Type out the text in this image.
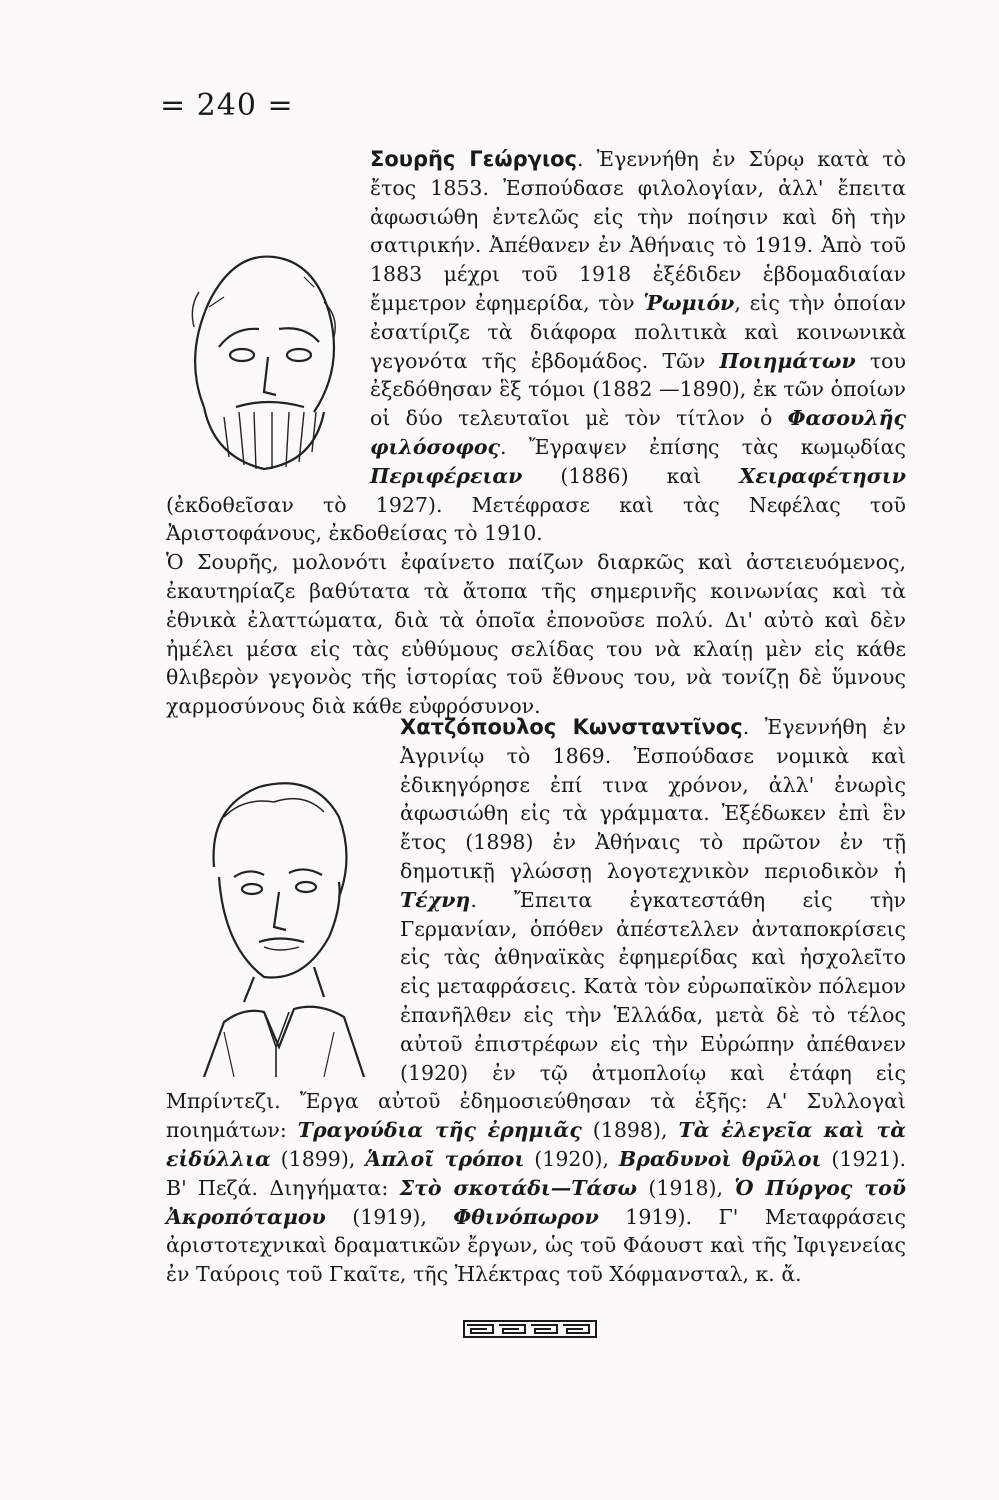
= 240 =

Σουρῆς Γεώργιος. Ἐγεννήθη ἐν Σύρῳ κατὰ τὸ ἔτος 1853. Ἐσπούδασε φιλολογίαν, ἀλλ' ἔπειτα ἀφωσιώθη ἐντελῶς εἰς τὴν ποίησιν καὶ δὴ τὴν σατιρικήν. Ἀπέθανεν ἐν Ἀθήναις τὸ 1919. Ἀπὸ τοῦ 1883 μέχρι τοῦ 1918 ἐξέδιδεν ἑβδομαδιαίαν ἔμμετρον ἐφημερίδα, τὸν Ῥωμιόν, εἰς τὴν ὁποίαν ἐσατίριζε τὰ διάφορα πολιτικὰ καὶ κοινωνικὰ γεγονότα τῆς ἑβδομάδος. Τῶν Ποιημάτων του ἐξεδόθησαν ἓξ τόμοι (1882 —1890), ἐκ τῶν ὁποίων οἱ δύο τελευταῖοι μὲ τὸν τίτλον ὁ Φασουλῆς φιλόσοφος. Ἔγραψεν ἐπίσης τὰς κωμῳδίας Περιφέρειαν (1886) καὶ Χειραφέτησιν (ἐκδοθεῖσαν τὸ 1927). Μετέφρασε καὶ τὰς Νεφέλας τοῦ Ἀριστοφάνους, ἐκδοθείσας τὸ 1910.

Ὁ Σουρῆς, μολονότι ἐφαίνετο παίζων διαρκῶς καὶ ἀστειευόμενος, ἐκαυτηρίαζε βαθύτατα τὰ ἄτοπα τῆς σημερινῆς κοινωνίας καὶ τὰ ἐθνικὰ ἐλαττώματα, διὰ τὰ ὁποῖα ἐπονοῦσε πολύ. Δι' αὐτὸ καὶ δὲν ἠμέλει μέσα εἰς τὰς εὐθύμους σελίδας του νὰ κλαίῃ μὲν εἰς κάθε θλιβερὸν γεγονὸς τῆς ἱστορίας τοῦ ἔθνους του, νὰ τονίζῃ δὲ ὕμνους χαρμοσύνους διὰ κάθε εὐφρόσυνον.

Χατζόπουλος Κωνσταντῖνος. Ἐγεννήθη ἐν Ἀγρινίῳ τὸ 1869. Ἐσπούδασε νομικὰ καὶ ἐδικηγόρησε ἐπί τινα χρόνον, ἀλλ' ἐνωρὶς ἀφωσιώθη εἰς τὰ γράμματα. Ἐξέδωκεν ἐπὶ ἓν ἔτος (1898) ἐν Ἀθήναις τὸ πρῶτον ἐν τῇ δημοτικῇ γλώσσῃ λογοτεχνικὸν περιοδικὸν ἡ Τέχνη. Ἔπειτα ἐγκατεστάθη εἰς τὴν Γερμανίαν, ὁπόθεν ἀπέστελλεν ἀνταποκρίσεις εἰς τὰς ἀθηναϊκὰς ἐφημερίδας καὶ ἠσχολεῖτο εἰς μεταφράσεις. Κατὰ τὸν εὐρωπαϊκὸν πόλεμον ἐπανῆλθεν εἰς τὴν Ἑλλάδα, μετὰ δὲ τὸ τέλος αὐτοῦ ἐπιστρέφων εἰς τὴν Εὐρώπην ἀπέθανεν (1920) ἐν τῷ ἀτμοπλοίῳ καὶ ἐτάφη εἰς Μπρίντεζι. Ἔργα αὐτοῦ ἐδημοσιεύθησαν τὰ ἑξῆς: Α' Συλλογαὶ ποιημάτων: Τραγούδια τῆς ἐρημιᾶς (1898), Τὰ ἐλεγεῖα καὶ τὰ εἰδύλλια (1899), Ἁπλοῖ τρόποι (1920), Βραδυνοὶ θρῦλοι (1921). Β' Πεζά. Διηγήματα: Στὸ σκοτάδι—Τάσω (1918), Ὁ Πύργος τοῦ Ἀκροπόταμου (1919), Φθινόπωρον 1919). Γ' Μεταφράσεις ἀριστοτεχνικαὶ δραματικῶν ἔργων, ὡς τοῦ Φάουστ καὶ τῆς Ἰφιγενείας ἐν Ταύροις τοῦ Γκαῖτε, τῆς Ἠλέκτρας τοῦ Χόφμανσταλ, κ. ἄ.
